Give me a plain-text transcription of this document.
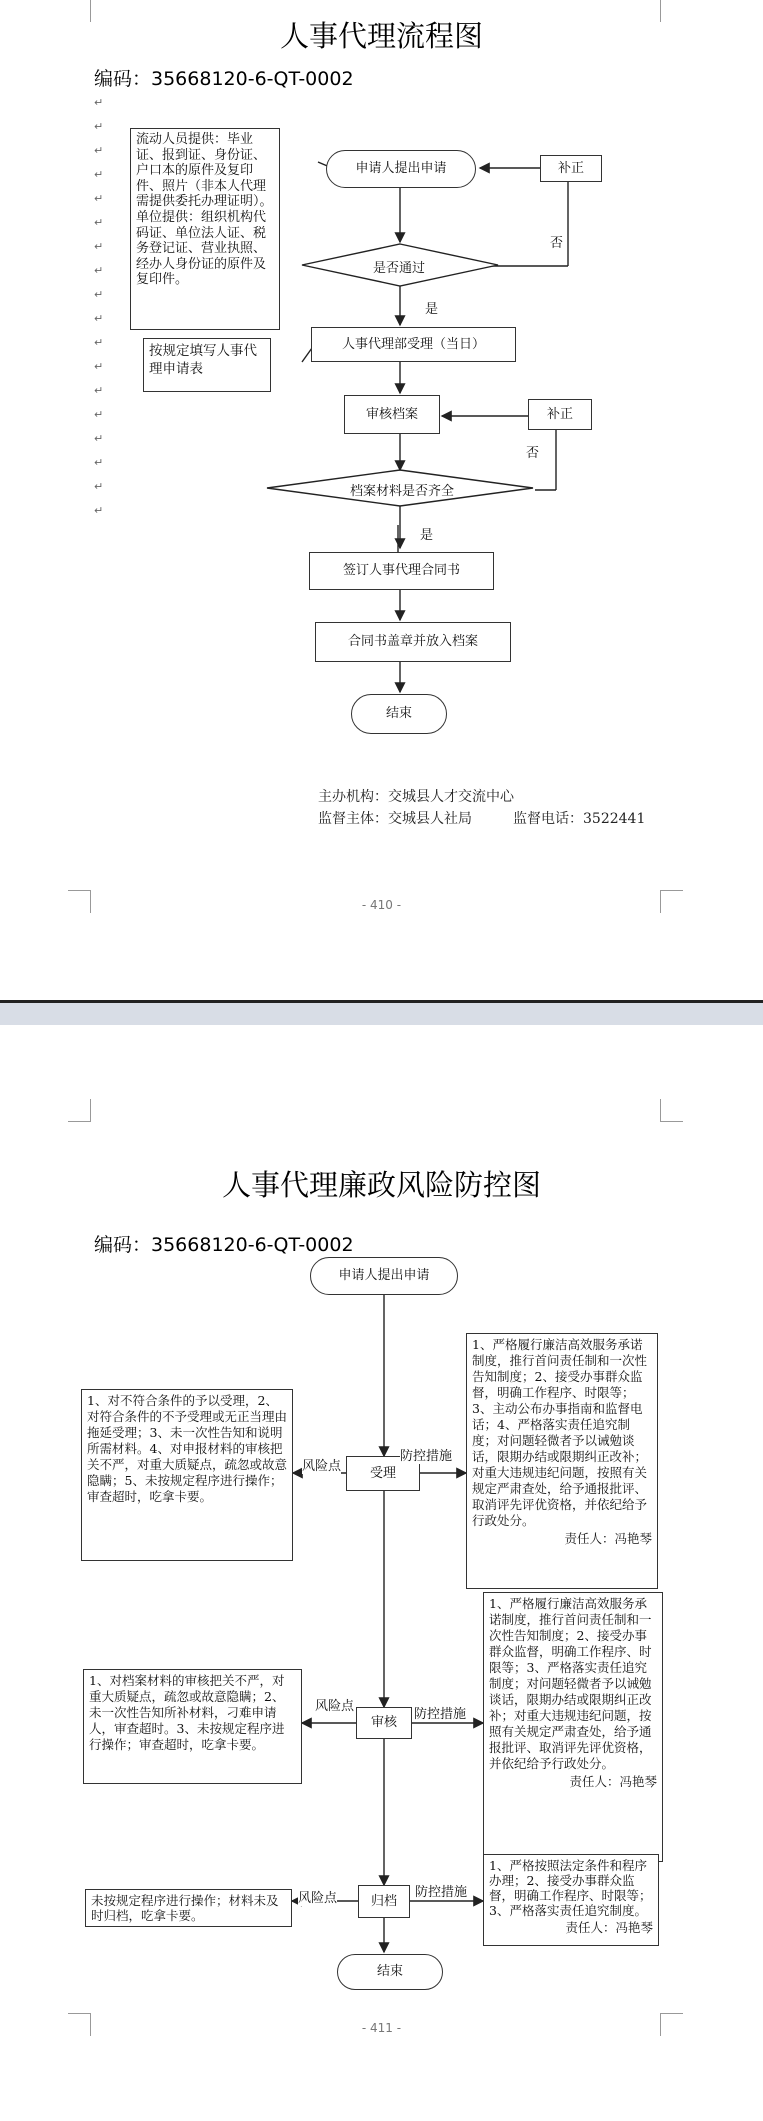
人事代理流程图
编码：35668120-6-QT-0002
↵
↵
↵
↵
↵
↵
↵
↵
↵
↵
↵
↵
↵
↵
↵
↵
↵
↵
流动人员提供：毕业证、报到证、身份证、户口本的原件及复印件、照片（非本人代理需提供委托办理证明）。单位提供：组织机构代码证、单位法人证、税务登记证、营业执照、经办人身份证的原件及复印件。
按规定填写人事代理申请表
申请人提出申请	补正
是否通过
否
是
人事代理部受理（当日）
审核档案	补正
否
档案材料是否齐全
是
签订人事代理合同书
合同书盖章并放入档案
结束
主办机构：交城县人才交流中心
监督主体：交城县人社局	监督电话：3522441
- 410 -
人事代理廉政风险防控图
编码：35668120-6-QT-0002
申请人提出申请
受理
风险点
防控措施
1、对不符合条件的予以受理，2、对符合条件的不予受理或无正当理由拖延受理；3、未一次性告知和说明所需材料。4、对申报材料的审核把关不严，对重大质疑点，疏忽或故意隐瞒；5、未按规定程序进行操作；审查超时，吃拿卡要。
1、严格履行廉洁高效服务承诺制度，推行首问责任制和一次性告知制度；2、接受办事群众监督，明确工作程序、时限等；3、主动公布办事指南和监督电话；4、严格落实责任追究制度；对问题轻微者予以诫勉谈话，限期办结或限期纠正改补；对重大违规违纪问题，按照有关规定严肃查处，给予通报批评、取消评先评优资格，并依纪给予行政处分。
责任人：冯艳琴
审核
风险点
防控措施
1、对档案材料的审核把关不严，对重大质疑点，疏忽或故意隐瞒；2、未一次性告知所补材料，刁难申请人，审查超时。3、未按规定程序进行操作；审查超时，吃拿卡要。
1、严格履行廉洁高效服务承诺制度，推行首问责任制和一次性告知制度；2、接受办事群众监督，明确工作程序、时限等；3、严格落实责任追究制度；对问题轻微者予以诫勉谈话，限期办结或限期纠正改补；对重大违规违纪问题，按照有关规定严肃查处，给予通报批评、取消评先评优资格，并依纪给予行政处分。
责任人：冯艳琴
归档
风险点	防控措施
未按规定程序进行操作；材料未及时归档，吃拿卡要。
1、严格按照法定条件和程序办理；2、接受办事群众监督，明确工作程序、时限等；3、严格落实责任追究制度。
责任人：冯艳琴
结束
- 411 -
